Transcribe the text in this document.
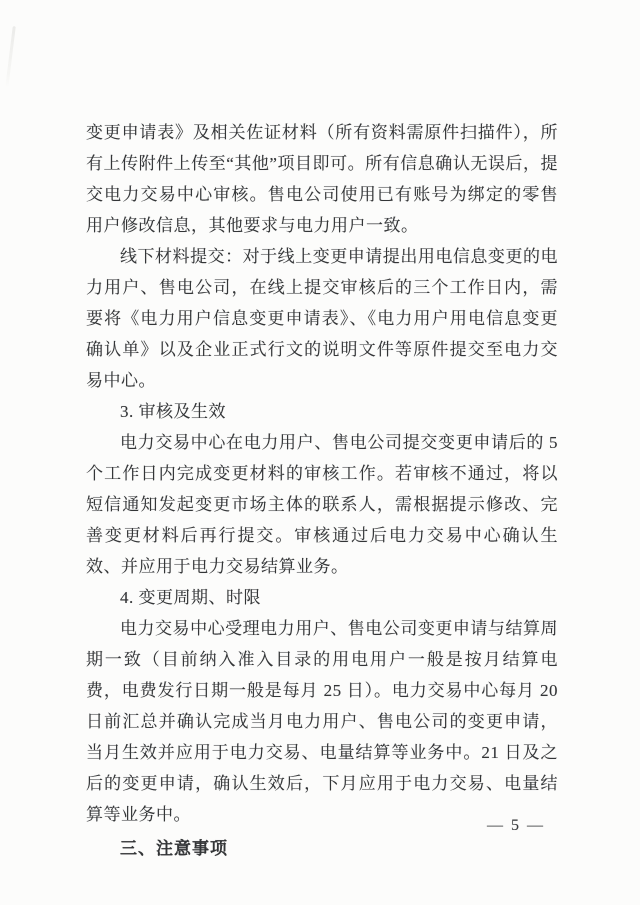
变更申请表》及相关佐证材料（所有资料需原件扫描件），所有上传附件上传至“其他”项目即可。所有信息确认无误后，提交电力交易中心审核。售电公司使用已有账号为绑定的零售用户修改信息，其他要求与电力用户一致。

线下材料提交：对于线上变更申请提出用电信息变更的电力用户、售电公司，在线上提交审核后的三个工作日内，需要将《电力用户信息变更申请表》、《电力用户用电信息变更确认单》以及企业正式行文的说明文件等原件提交至电力交易中心。

3. 审核及生效

电力交易中心在电力用户、售电公司提交变更申请后的 5 个工作日内完成变更材料的审核工作。若审核不通过，将以短信通知发起变更市场主体的联系人，需根据提示修改、完善变更材料后再行提交。审核通过后电力交易中心确认生效、并应用于电力交易结算业务。

4. 变更周期、时限

电力交易中心受理电力用户、售电公司变更申请与结算周期一致（目前纳入准入目录的用电用户一般是按月结算电费，电费发行日期一般是每月 25 日）。电力交易中心每月 20 日前汇总并确认完成当月电力用户、售电公司的变更申请，当月生效并应用于电力交易、电量结算等业务中。21 日及之后的变更申请，确认生效后，下月应用于电力交易、电量结算等业务中。

三、注意事项

— 5 —
